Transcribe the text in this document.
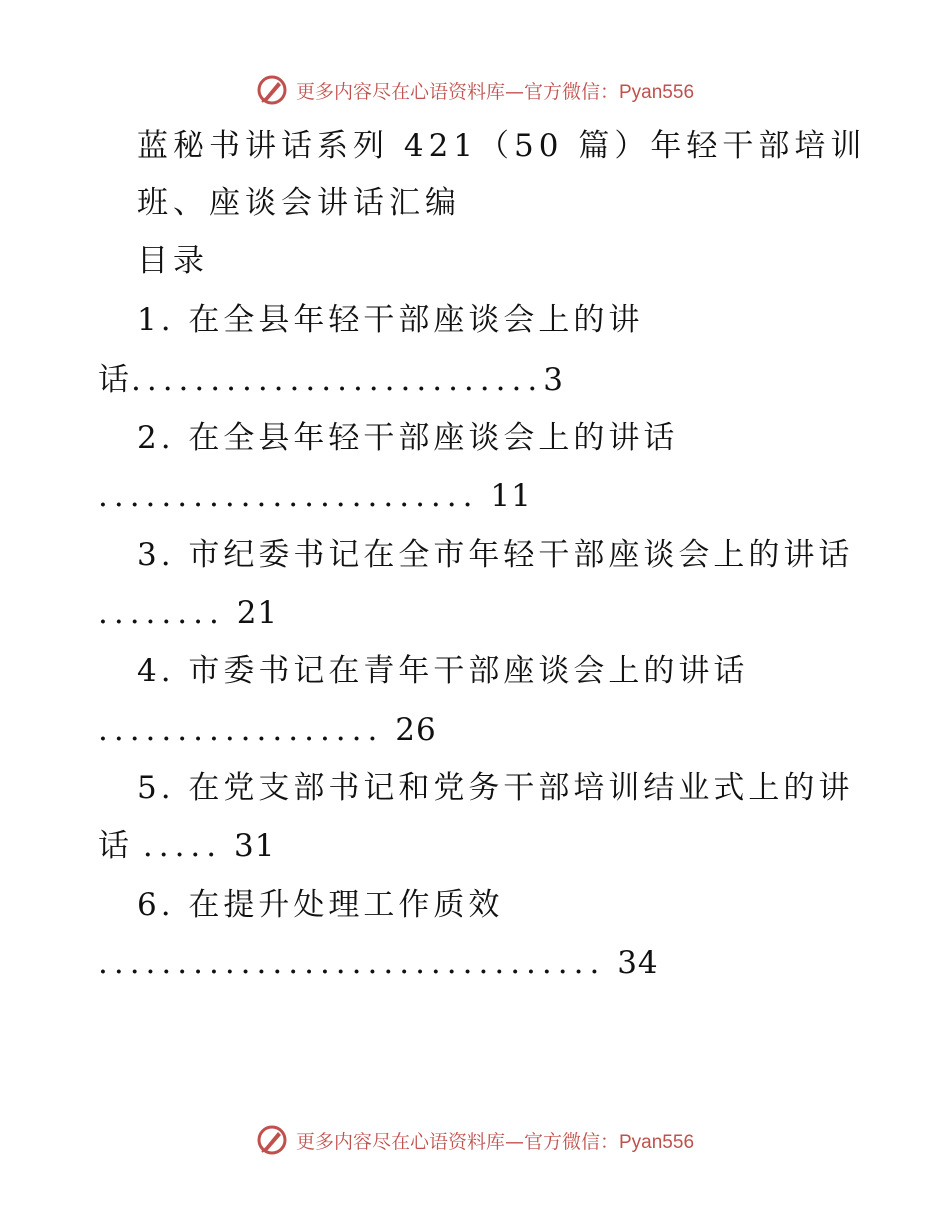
更多内容尽在心语资料库—官方微信：Pyan556
蓝秘书讲话系列 421（50 篇）年轻干部培训
班、座谈会讲话汇编
目录
1. 在全县年轻干部座谈会上的讲
话..........................3
2. 在全县年轻干部座谈会上的讲话
........................ 11
3. 市纪委书记在全市年轻干部座谈会上的讲话
........ 21
4. 市委书记在青年干部座谈会上的讲话
.................. 26
5. 在党支部书记和党务干部培训结业式上的讲
话 ..... 31
6. 在提升处理工作质效
................................ 34
更多内容尽在心语资料库—官方微信：Pyan556
